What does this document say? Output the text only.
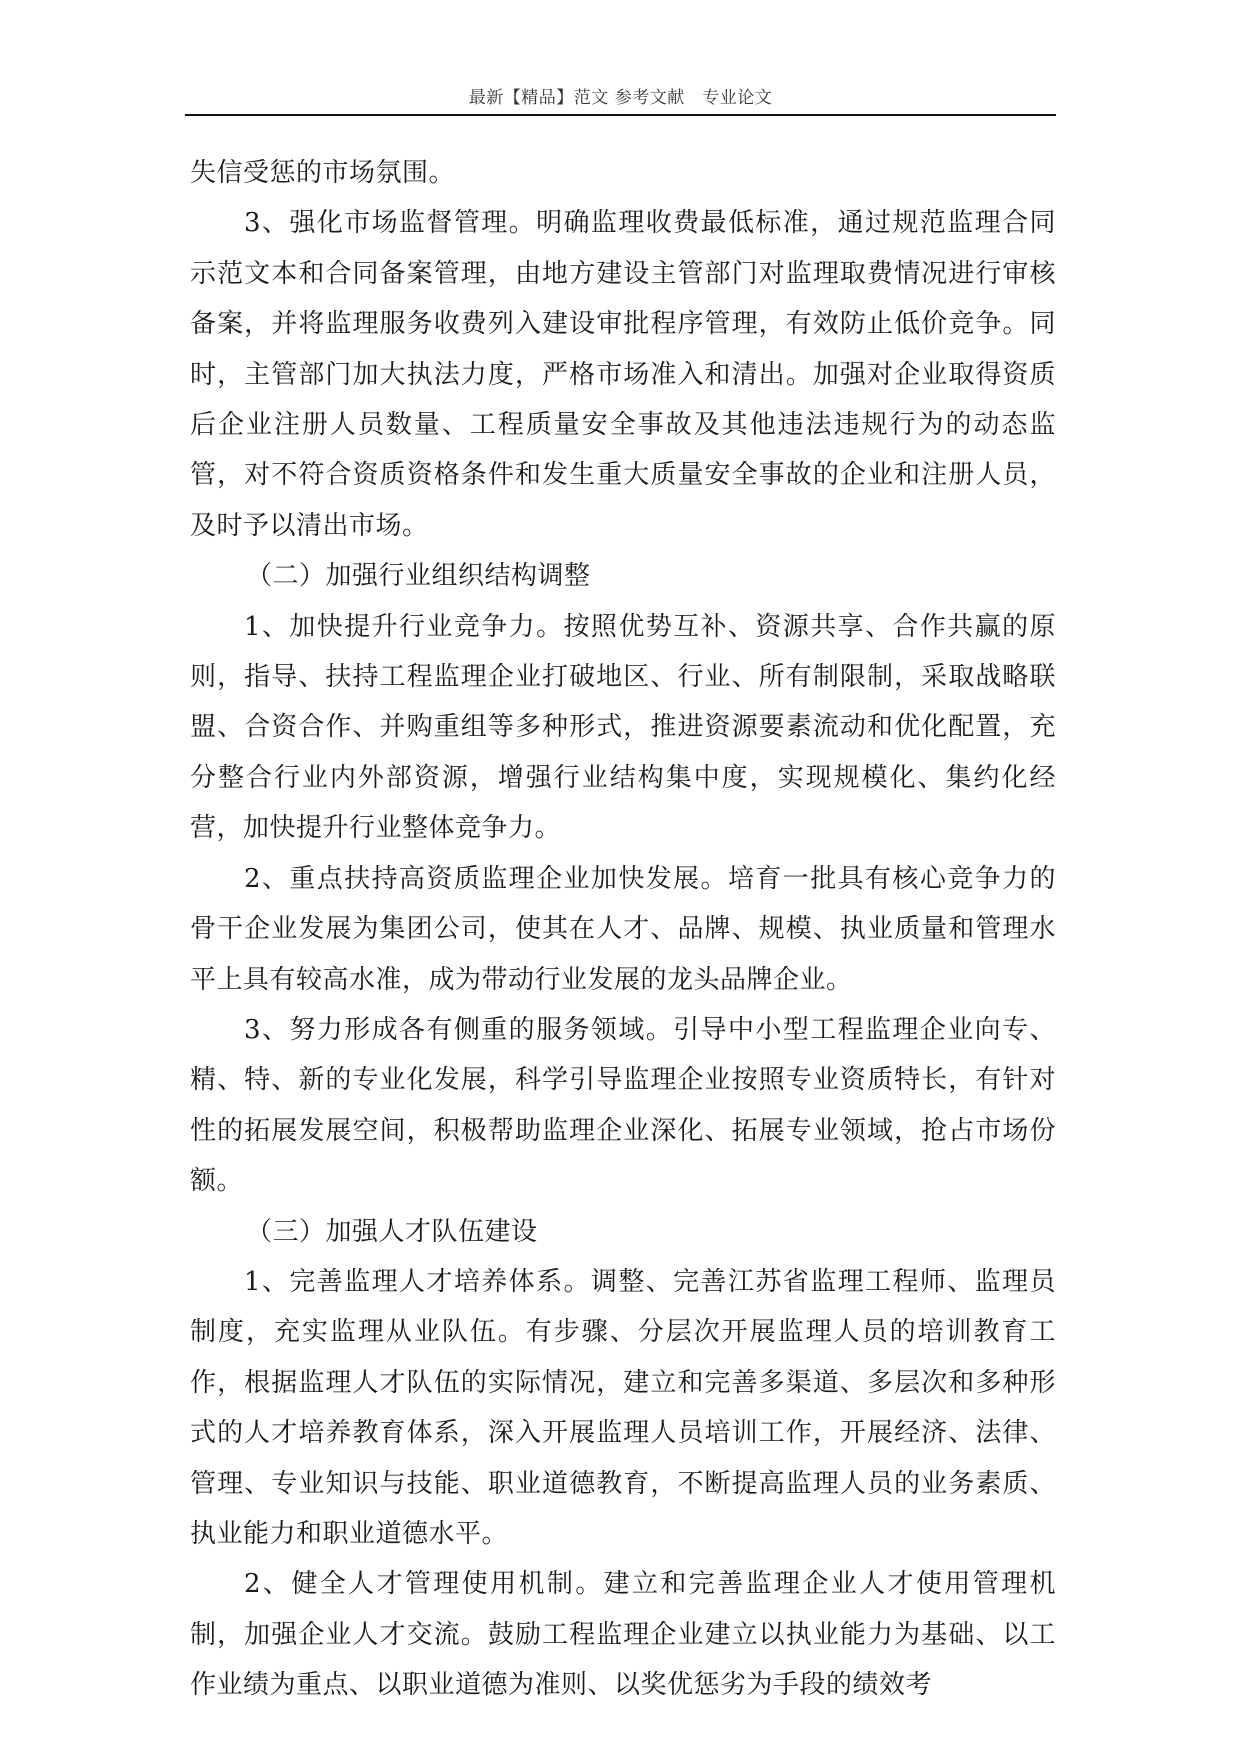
最新【精品】范文 参考文献　专业论文

失信受惩的市场氛围。

3、强化市场监督管理。明确监理收费最低标准，通过规范监理合同示范文本和合同备案管理，由地方建设主管部门对监理取费情况进行审核备案，并将监理服务收费列入建设审批程序管理，有效防止低价竞争。同时，主管部门加大执法力度，严格市场准入和清出。加强对企业取得资质后企业注册人员数量、工程质量安全事故及其他违法违规行为的动态监管，对不符合资质资格条件和发生重大质量安全事故的企业和注册人员，及时予以清出市场。

（二）加强行业组织结构调整

1、加快提升行业竞争力。按照优势互补、资源共享、合作共赢的原则，指导、扶持工程监理企业打破地区、行业、所有制限制，采取战略联盟、合资合作、并购重组等多种形式，推进资源要素流动和优化配置，充分整合行业内外部资源，增强行业结构集中度，实现规模化、集约化经营，加快提升行业整体竞争力。

2、重点扶持高资质监理企业加快发展。培育一批具有核心竞争力的骨干企业发展为集团公司，使其在人才、品牌、规模、执业质量和管理水平上具有较高水准，成为带动行业发展的龙头品牌企业。

3、努力形成各有侧重的服务领域。引导中小型工程监理企业向专、精、特、新的专业化发展，科学引导监理企业按照专业资质特长，有针对性的拓展发展空间，积极帮助监理企业深化、拓展专业领域，抢占市场份额。

（三）加强人才队伍建设

1、完善监理人才培养体系。调整、完善江苏省监理工程师、监理员制度，充实监理从业队伍。有步骤、分层次开展监理人员的培训教育工作，根据监理人才队伍的实际情况，建立和完善多渠道、多层次和多种形式的人才培养教育体系，深入开展监理人员培训工作，开展经济、法律、管理、专业知识与技能、职业道德教育，不断提高监理人员的业务素质、执业能力和职业道德水平。

2、健全人才管理使用机制。建立和完善监理企业人才使用管理机制，加强企业人才交流。鼓励工程监理企业建立以执业能力为基础、以工作业绩为重点、以职业道德为准则、以奖优惩劣为手段的绩效考
